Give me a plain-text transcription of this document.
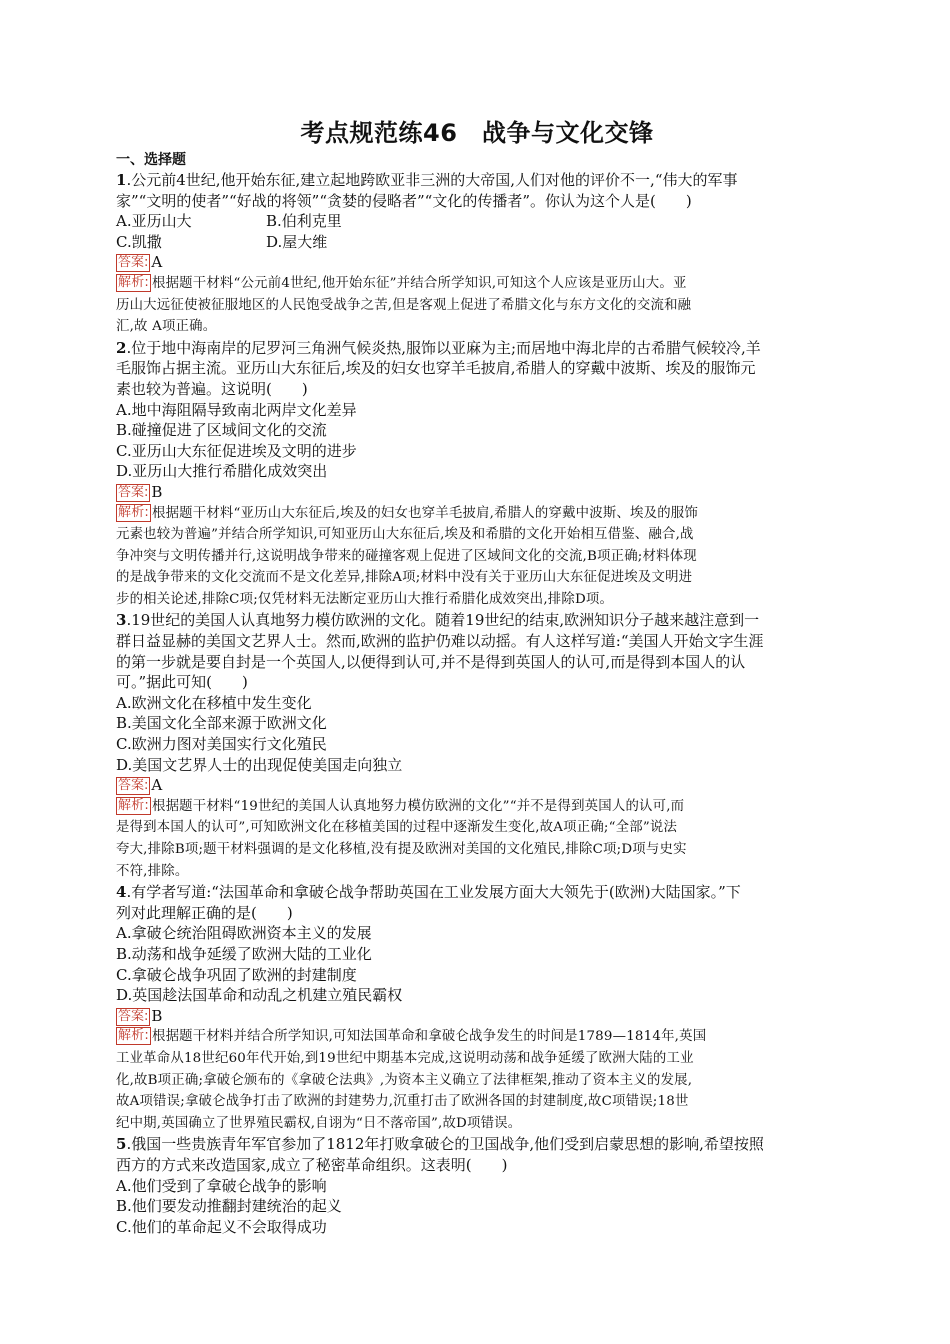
考点规范练46　战争与文化交锋
一、选择题
1.公元前4世纪,他开始东征,建立起地跨欧亚非三洲的大帝国,人们对他的评价不一,“伟大的军事
家”“文明的使者”“好战的将领”“贪婪的侵略者”“文化的传播者”。你认为这个人是(　　)
A.亚历山大	B.伯利克里
C.凯撒	D.屋大维
答案: A
解析: 根据题干材料“公元前4世纪,他开始东征”并结合所学知识,可知这个人应该是亚历山大。亚
历山大远征使被征服地区的人民饱受战争之苦,但是客观上促进了希腊文化与东方文化的交流和融
汇,故 A项正确。
2.位于地中海南岸的尼罗河三角洲气候炎热,服饰以亚麻为主;而居地中海北岸的古希腊气候较冷,羊
毛服饰占据主流。亚历山大东征后,埃及的妇女也穿羊毛披肩,希腊人的穿戴中波斯、埃及的服饰元
素也较为普遍。这说明(　　)
A.地中海阻隔导致南北两岸文化差异
B.碰撞促进了区域间文化的交流
C.亚历山大东征促进埃及文明的进步
D.亚历山大推行希腊化成效突出
答案: B
解析: 根据题干材料“亚历山大东征后,埃及的妇女也穿羊毛披肩,希腊人的穿戴中波斯、埃及的服饰
元素也较为普遍”并结合所学知识,可知亚历山大东征后,埃及和希腊的文化开始相互借鉴、融合,战
争冲突与文明传播并行,这说明战争带来的碰撞客观上促进了区域间文化的交流,B项正确;材料体现
的是战争带来的文化交流而不是文化差异,排除A项;材料中没有关于亚历山大东征促进埃及文明进
步的相关论述,排除C项;仅凭材料无法断定亚历山大推行希腊化成效突出,排除D项。
3.19世纪的美国人认真地努力模仿欧洲的文化。随着19世纪的结束,欧洲知识分子越来越注意到一
群日益显赫的美国文艺界人士。然而,欧洲的监护仍难以动摇。有人这样写道:“美国人开始文字生涯
的第一步就是要自封是一个英国人,以便得到认可,并不是得到英国人的认可,而是得到本国人的认
可。”据此可知(　　)
A.欧洲文化在移植中发生变化
B.美国文化全部来源于欧洲文化
C.欧洲力图对美国实行文化殖民
D.美国文艺界人士的出现促使美国走向独立
答案: A
解析: 根据题干材料“19世纪的美国人认真地努力模仿欧洲的文化”“并不是得到英国人的认可,而
是得到本国人的认可”,可知欧洲文化在移植美国的过程中逐渐发生变化,故A项正确;“全部”说法
夸大,排除B项;题干材料强调的是文化移植,没有提及欧洲对美国的文化殖民,排除C项;D项与史实
不符,排除。
4.有学者写道:“法国革命和拿破仑战争帮助英国在工业发展方面大大领先于(欧洲)大陆国家。”下
列对此理解正确的是(　　)
A.拿破仑统治阻碍欧洲资本主义的发展
B.动荡和战争延缓了欧洲大陆的工业化
C.拿破仑战争巩固了欧洲的封建制度
D.英国趁法国革命和动乱之机建立殖民霸权
答案: B
解析: 根据题干材料并结合所学知识,可知法国革命和拿破仑战争发生的时间是1789—1814年,英国
工业革命从18世纪60年代开始,到19世纪中期基本完成,这说明动荡和战争延缓了欧洲大陆的工业
化,故B项正确;拿破仑颁布的《拿破仑法典》,为资本主义确立了法律框架,推动了资本主义的发展,
故A项错误;拿破仑战争打击了欧洲的封建势力,沉重打击了欧洲各国的封建制度,故C项错误;18世
纪中期,英国确立了世界殖民霸权,自诩为“日不落帝国”,故D项错误。
5.俄国一些贵族青年军官参加了1812年打败拿破仑的卫国战争,他们受到启蒙思想的影响,希望按照
西方的方式来改造国家,成立了秘密革命组织。这表明(　　)
A.他们受到了拿破仑战争的影响
B.他们要发动推翻封建统治的起义
C.他们的革命起义不会取得成功
